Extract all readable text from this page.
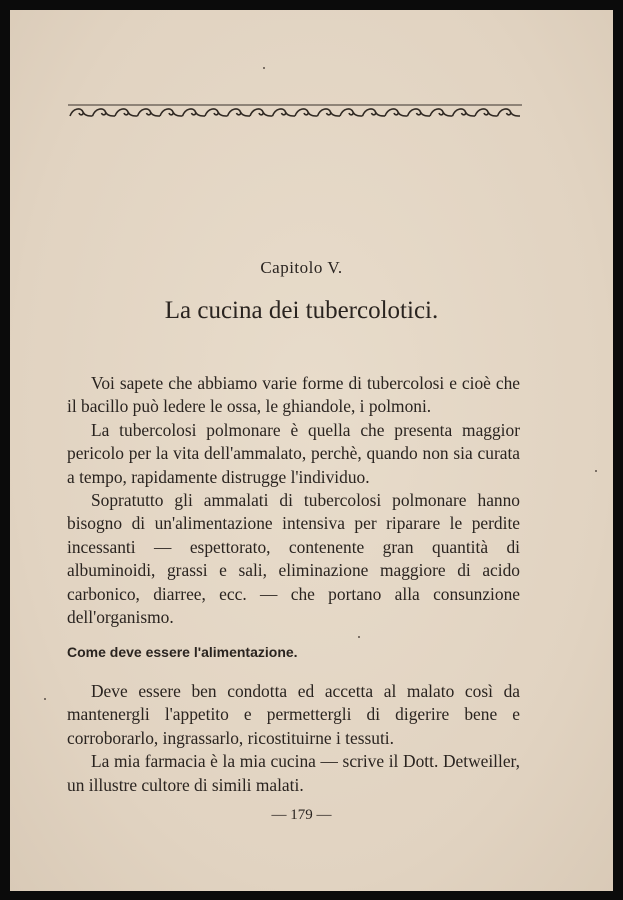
Capitolo V.
La cucina dei tubercolotici.

Voi sapete che abbiamo varie forme di tubercolosi e cioè che il bacillo può ledere le ossa, le ghiandole, i polmoni.

La tubercolosi polmonare è quella che presenta maggior pericolo per la vita dell'ammalato, perchè, quando non sia curata a tempo, rapidamente distrugge l'individuo.

Sopratutto gli ammalati di tubercolosi polmonare hanno bisogno di un'alimentazione intensiva per riparare le perdite incessanti — espettorato, contenente gran quantità di albuminoidi, grassi e sali, eliminazione maggiore di acido carbonico, diarree, ecc. — che portano alla consunzione dell'organismo.

Come deve essere l'alimentazione.

Deve essere ben condotta ed accetta al malato così da mantenergli l'appetito e permettergli di digerire bene e corroborarlo, ingrassarlo, ricostituirne i tessuti.

La mia farmacia è la mia cucina — scrive il Dott. Detweiller, un illustre cultore di simili malati.

— 179 —
